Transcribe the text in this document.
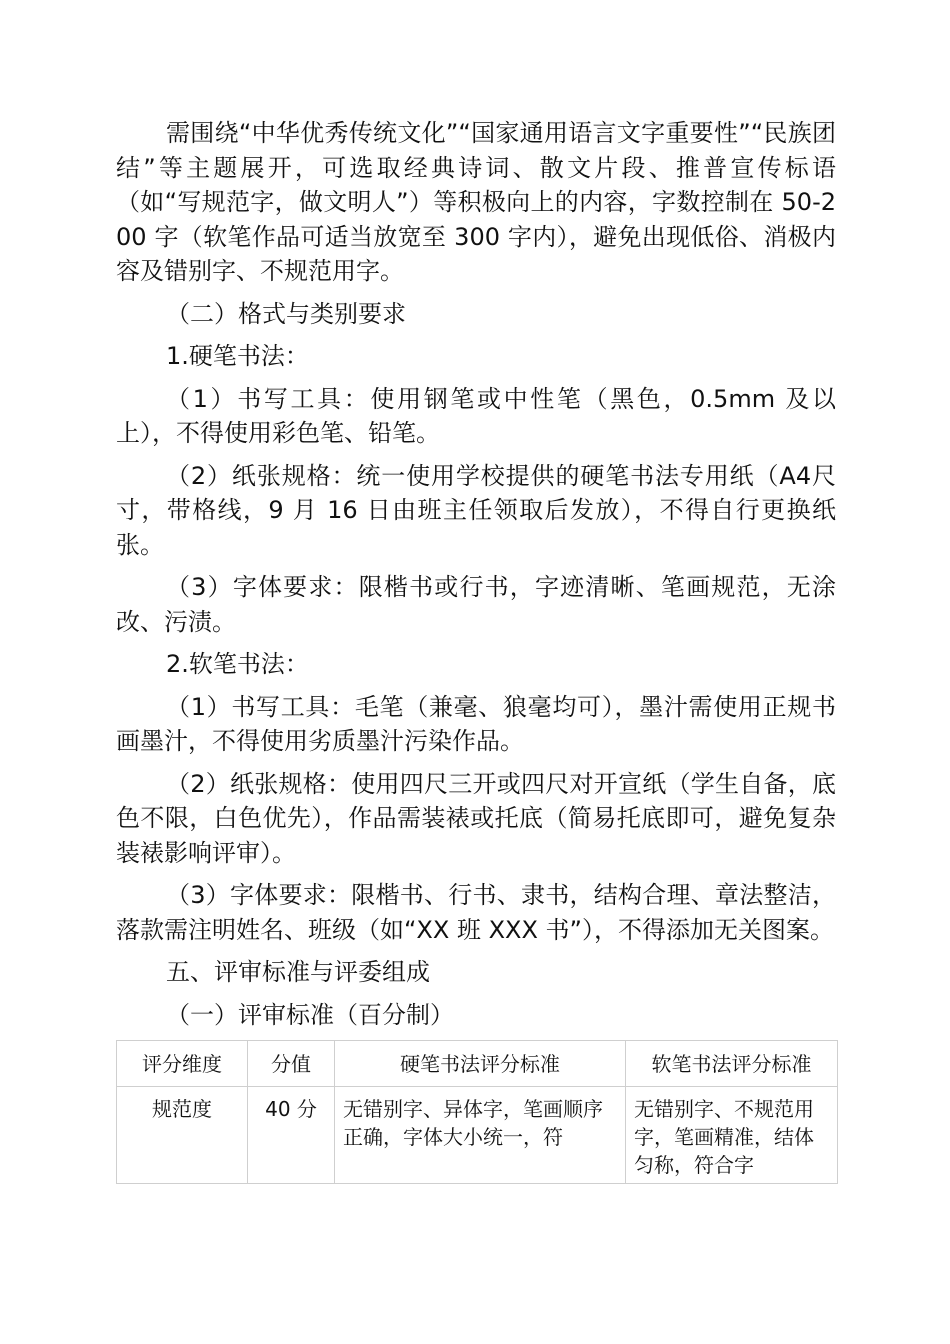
需围绕“中华优秀传统文化”“国家通用语言文字重要性”“民族团结”等主题展开，可选取经典诗词、散文片段、推普宣传标语（如“写规范字，做文明人”）等积极向上的内容，字数控制在 50-200 字（软笔作品可适当放宽至 300 字内），避免出现低俗、消极内容及错别字、不规范用字。

（二）格式与类别要求

1.硬笔书法：

（1）书写工具：使用钢笔或中性笔（黑色，0.5mm 及以上），不得使用彩色笔、铅笔。

（2）纸张规格：统一使用学校提供的硬笔书法专用纸（A4尺寸，带格线，9 月 16 日由班主任领取后发放），不得自行更换纸张。

（3）字体要求：限楷书或行书，字迹清晰、笔画规范，无涂改、污渍。

2.软笔书法：

（1）书写工具：毛笔（兼毫、狼毫均可），墨汁需使用正规书画墨汁，不得使用劣质墨汁污染作品。

（2）纸张规格：使用四尺三开或四尺对开宣纸（学生自备，底色不限，白色优先），作品需装裱或托底（简易托底即可，避免复杂装裱影响评审）。

（3）字体要求：限楷书、行书、隶书，结构合理、章法整洁，落款需注明姓名、班级（如“XX 班 XXX 书”），不得添加无关图案。

五、评审标准与评委组成

（一）评审标准（百分制）

评分维度	分值	硬笔书法评分标准	软笔书法评分标准
规范度	40 分	无错别字、异体字，笔画顺序正确，字体大小统一，符	无错别字、不规范用字，笔画精准，结体匀称，符合字
